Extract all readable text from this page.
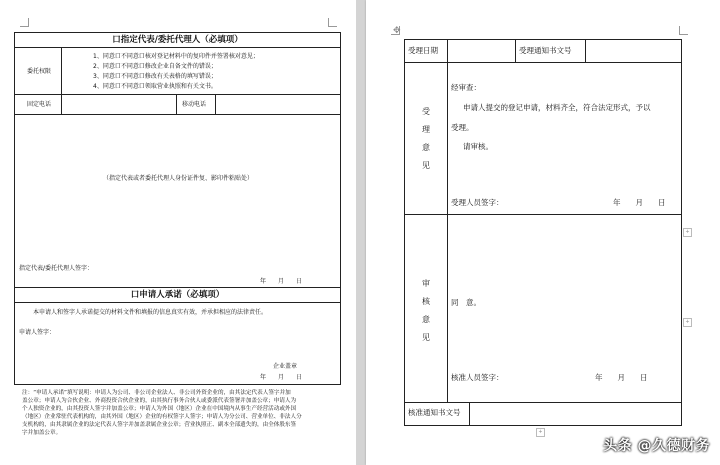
口指定代表/委托代理人（必填项）
委托权限
1、同意口不同意口核对登记材料中的复印件并签署核对意见；
2、同意口不同意口修改企业自备文件的错误；
3、同意口不同意口修改有关表格的填写错误；
4、同意口不同意口领取营业执照和有关文书。
固定电话	移动电话
（指定代表或者委托代理人身份证件复、影印件粘贴处）
指定代表/委托代理人签字：
年　　月　　日
口申请人承诺（必填项）
本申请人和签字人承诺提交的材料文件和填报的信息真实有效，并承担相应的法律责任。
申请人签字：
企业盖章
年　　月　　日
注：“申请人承诺”填写说明：申请人为公司、非公司企业法人、非公司外资企业的，由其法定代表人签字并加
盖公章；申请人为合伙企业、外商投资合伙企业的，由其执行事务合伙人或委派代表签署并加盖公章；申请人为
个人独资企业的，由其投资人签字并加盖公章；申请人为外国（地区）企业在中国境内从事生产经营活动或外国
（地区）企业常驻代表机构的，由其外国（地区）企业的有权签字人签字；申请人为分公司、营业单位、非法人分
支机构的，由其隶属企业的法定代表人签字并加盖隶属企业公章；营业执照正、副本全部遗失的，由全体股东签
字并加盖公章。
受理日期	受理通知书文号
受
理
意
见
经审查：
申请人提交的登记申请，材料齐全，符合法定形式，予以
受理。
请审核。
受理人员签字：	年　　月　　日
审
核
意
见
同　意。
核准人员签字：	年　　月　　日
核准通知书文号
+
+
+
✥
头条 @久德财务
